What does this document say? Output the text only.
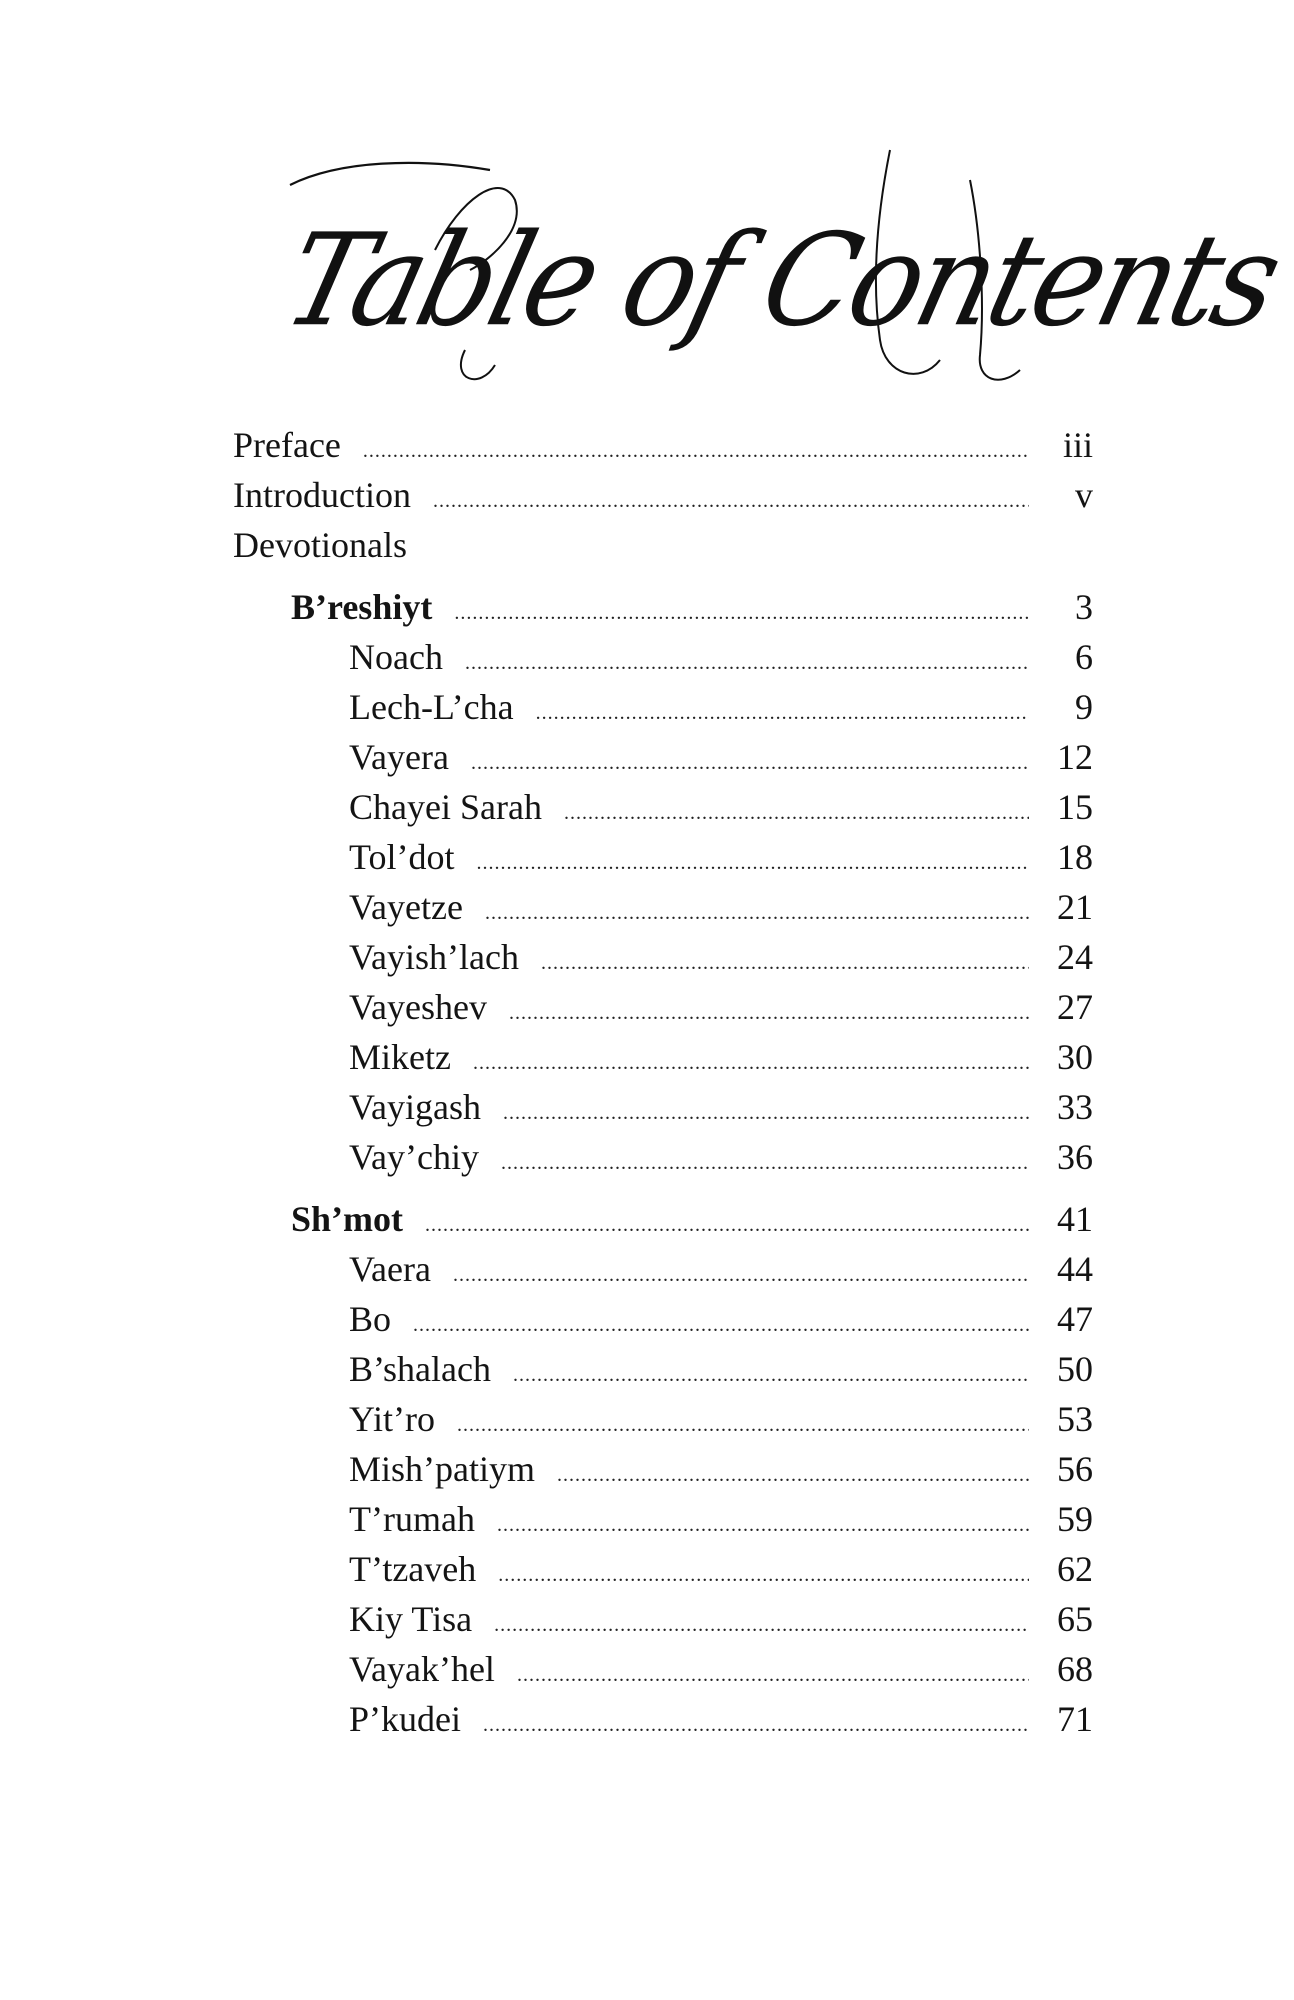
Table of Contents
Preface .....	iii
Introduction .....	v
Devotionals
B’reshiyt .....	3
Noach .....	6
Lech-L’cha .....	9
Vayera .....	12
Chayei Sarah .....	15
Tol’dot .....	18
Vayetze .....	21
Vayish’lach .....	24
Vayeshev .....	27
Miketz .....	30
Vayigash .....	33
Vay’chiy .....	36
Sh’mot .....	41
Vaera .....	44
Bo .....	47
B’shalach .....	50
Yit’ro .....	53
Mish’patiym .....	56
T’rumah .....	59
T’tzaveh .....	62
Kiy Tisa .....	65
Vayak’hel .....	68
P’kudei .....	71
